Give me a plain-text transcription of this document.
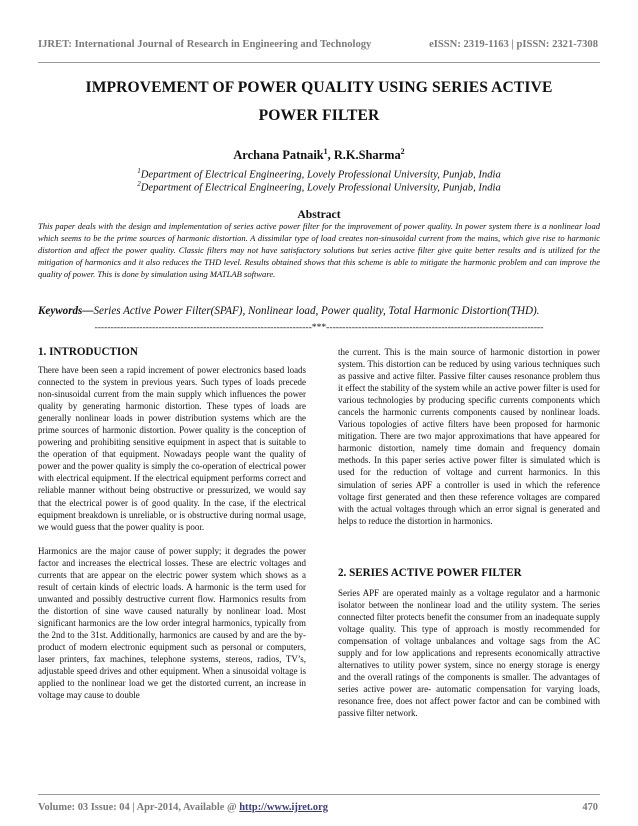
IJRET: International Journal of Research in Engineering and Technology	eISSN: 2319-1163 | pISSN: 2321-7308
IMPROVEMENT OF POWER QUALITY USING SERIES ACTIVE
POWER FILTER
Archana Patnaik$^1$, R.K.Sharma$^2$
$^1$Department of Electrical Engineering, Lovely Professional University, Punjab, India
$^2$Department of Electrical Engineering, Lovely Professional University, Punjab, India
Abstract
This paper deals with the design and implementation of series active power filter for the improvement of power quality. In power system there is a nonlinear load which seems to be the prime sources of harmonic distortion. A dissimilar type of load creates non-sinusoidal current from the mains, which give rise to harmonic distortion and affect the power quality. Classic filters may not have satisfactory solutions but series active filter give quite better results and is utilized for the mitigation of harmonics and it also reduces the THD level. Results obtained shows that this scheme is able to mitigate the harmonic problem and can improve the quality of power. This is done by simulation using MATLAB software.
Keywords—Series Active Power Filter(SPAF), Nonlinear load, Power quality, Total Harmonic Distortion(THD).
--------------------------------------------------------------------***--------------------------------------------------------------------
1. INTRODUCTION

There have been seen a rapid increment of power electronics based loads connected to the system in previous years. Such types of loads precede non-sinusoidal current from the main supply which influences the power quality by generating harmonic distortion. These types of loads are generally nonlinear loads in power distribution systems which are the prime sources of harmonic distortion. Power quality is the conception of powering and prohibiting sensitive equipment in aspect that is suitable to the operation of that equipment. Nowadays people want the quality of power and the power quality is simply the co-operation of electrical power with electrical equipment. If the electrical equipment performs correct and reliable manner without being obstructive or pressurized, we would say that the electrical power is of good quality. In the case, if the electrical equipment breakdown is unreliable, or is obstructive during normal usage, we would guess that the power quality is poor.

Harmonics are the major cause of power supply; it degrades the power factor and increases the electrical losses. These are electric voltages and currents that are appear on the electric power system which shows as a result of certain kinds of electric loads. A harmonic is the term used for unwanted and possibly destructive current flow. Harmonics results from the distortion of sine wave caused naturally by nonlinear load. Most significant harmonics are the low order integral harmonics, typically from the 2nd to the 31st. Additionally, harmonics are caused by and are the by-product of modern electronic equipment such as personal or computers, laser printers, fax machines, telephone systems, stereos, radios, TV’s, adjustable speed drives and other equipment. When a sinusoidal voltage is applied to the nonlinear load we get the distorted current, an increase in voltage may cause to double

the current. This is the main source of harmonic distortion in power system. This distortion can be reduced by using various techniques such as passive and active filter. Passive filter causes resonance problem thus it effect the stability of the system while an active power filter is used for various technologies by producing specific currents components which cancels the harmonic currents components caused by nonlinear loads. Various topologies of active filters have been proposed for harmonic mitigation. There are two major approximations that have appeared for harmonic distortion, namely time domain and frequency domain methods. In this paper series active power filter is simulated which is used for the reduction of voltage and current harmonics. In this simulation of series APF a controller is used in which the reference voltage first generated and then these reference voltages are compared with the actual voltages through which an error signal is generated and helps to reduce the distortion in harmonics.

2. SERIES ACTIVE POWER FILTER

Series APF are operated mainly as a voltage regulator and a harmonic isolator between the nonlinear load and the utility system. The series connected filter protects benefit the consumer from an inadequate supply voltage quality. This type of approach is mostly recommended for compensation of voltage unbalances and voltage sags from the AC supply and for low applications and represents economically attractive alternatives to utility power system, since no energy storage is energy and the overall ratings of the components is smaller. The advantages of series active power are- automatic compensation for varying loads, resonance free, does not affect power factor and can be combined with passive filter network.

Volume: 03 Issue: 04 | Apr-2014, Available @ http://www.ijret.org	470
